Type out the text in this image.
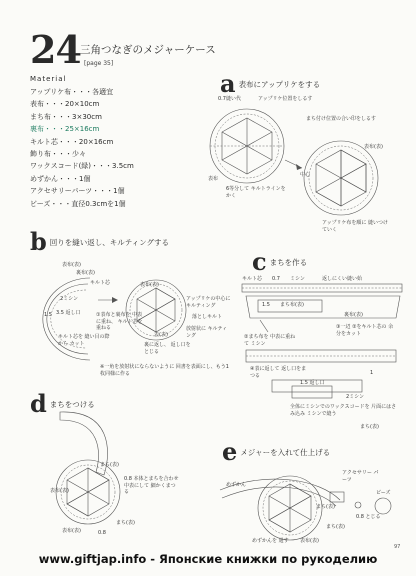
24 三角つなぎのメジャーケース
[page 35]
Material
アップリケ布・・・各適宜
表布・・・20×10cm
まち布・・・3×30cm
裏布・・・25×16cm
キルト芯・・・20×16cm
飾り布・・・少々
ワックスコード(緑)・・・3.5cm
めずかん・・・1個
アクセサリーパーツ・・・1個
ビーズ・・・直径0.3cmを1個
a 表布にアップリケをする
0.7縫い代	アップリケ位置をしるす
まち付け位置の合い印をしるす
表布
6等分して キルトラインをかく
中心
表布(表)
アップリケ布を順に 縫いつけていく
b 回りを縫い返し、キルティングする
表布(表)
裏布(表)
キルト芯
2ミシン
1.5 3.5 返し口
キルト芯を 縫い目の際から カット
表布(表)
①表布と裏布を 中表に重ね、 キルト芯を重ねる
アップリケの中心に キルティング
落としキルト
放射状に キルティング
表(表)
裏に返し、 返し口をとじる
※一角を放射状にならないように 回書を表面にし、もう1枚同様に作る
c まちを作る
キルト芯 0.7 ミシン	返しにくい縫い始
1.5 まち布(表)
裏布(表)
②まち布を 中表に重ねて ミシン
④表に返して 返し口をまつる
③一辺 ②をキルト芯の 余分をカット
1
2ミシン
1.5 返し口
全体にミシンでのワックスコードを 片面にはさみ込み ミシンで縫う
まち(表)
d まちをつける
まち(表)
0.8 本体とまちを合わせ 中表にして 細かくまつる
表布(表)
まち(表)
表布(表)	0.8
e メジャーを入れて仕上げる
めずかん
アクセサリー パーツ
ビーズ
0.8 とじる
まち(表)
めずかんを 通す 表布(表)
まち(表)
97
www.giftjap.info - Японские книжки по рукоделию
